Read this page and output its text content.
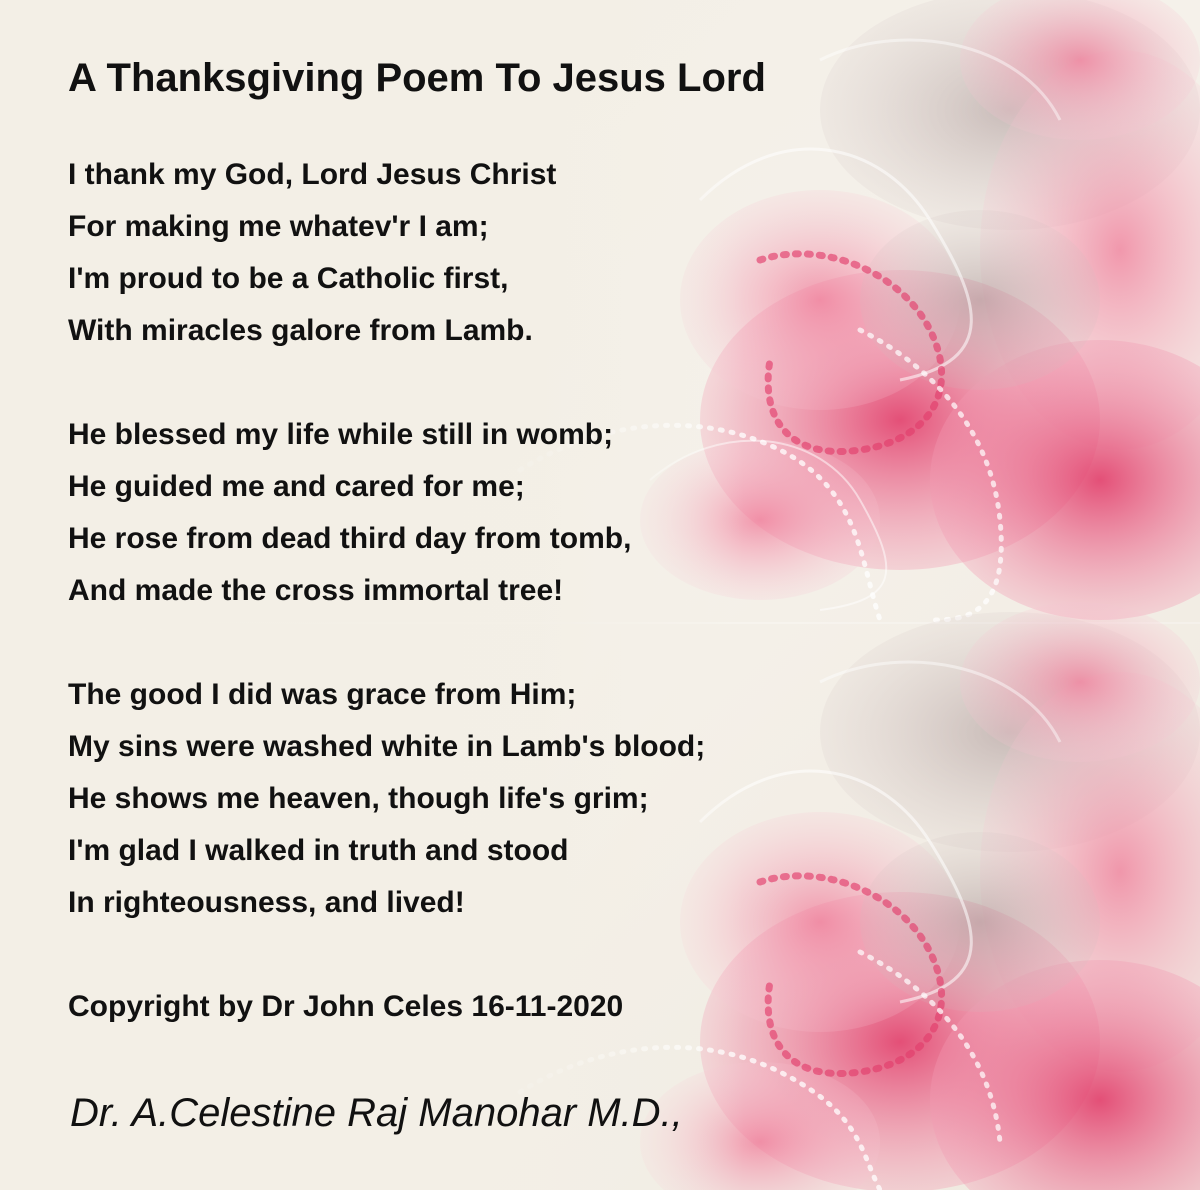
A Thanksgiving Poem To Jesus Lord

I thank my God, Lord Jesus Christ

For making me whatev'r I am;

I'm proud to be a Catholic first,

With miracles galore from Lamb.

He blessed my life while still in womb;

He guided me and cared for me;

He rose from dead third day from tomb,

And made the cross immortal tree!

The good I did was grace from Him;

My sins were washed white in Lamb's blood;

He shows me heaven, though life's grim;

I'm glad I walked in truth and stood

In righteousness, and lived!

Copyright by Dr John Celes 16-11-2020

Dr. A.Celestine Raj Manohar M.D.,
